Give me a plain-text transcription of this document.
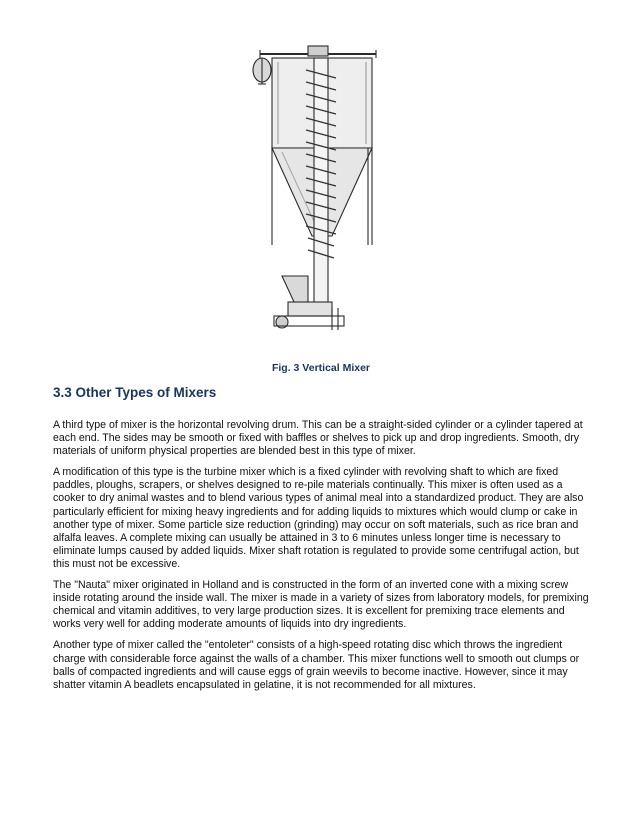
Fig. 3 Vertical Mixer
3.3 Other Types of Mixers

A third type of mixer is the horizontal revolving drum. This can be a straight-sided cylinder or a cylinder tapered at each end. The sides may be smooth or fixed with baffles or shelves to pick up and drop ingredients. Smooth, dry materials of uniform physical properties are blended best in this type of mixer.

A modification of this type is the turbine mixer which is a fixed cylinder with revolving shaft to which are fixed paddles, ploughs, scrapers, or shelves designed to re-pile materials continually. This mixer is often used as a cooker to dry animal wastes and to blend various types of animal meal into a standardized product. They are also particularly efficient for mixing heavy ingredients and for adding liquids to mixtures which would clump or cake in another type of mixer. Some particle size reduction (grinding) may occur on soft materials, such as rice bran and alfalfa leaves. A complete mixing can usually be attained in 3 to 6 minutes unless longer time is necessary to eliminate lumps caused by added liquids. Mixer shaft rotation is regulated to provide some centrifugal action, but this must not be excessive.

The "Nauta" mixer originated in Holland and is constructed in the form of an inverted cone with a mixing screw inside rotating around the inside wall. The mixer is made in a variety of sizes from laboratory models, for premixing chemical and vitamin additives, to very large production sizes. It is excellent for premixing trace elements and works very well for adding moderate amounts of liquids into dry ingredients.

Another type of mixer called the "entoleter" consists of a high-speed rotating disc which throws the ingredient charge with considerable force against the walls of a chamber. This mixer functions well to smooth out clumps or balls of compacted ingredients and will cause eggs of grain weevils to become inactive. However, since it may shatter vitamin A beadlets encapsulated in gelatine, it is not recommended for all mixtures.
